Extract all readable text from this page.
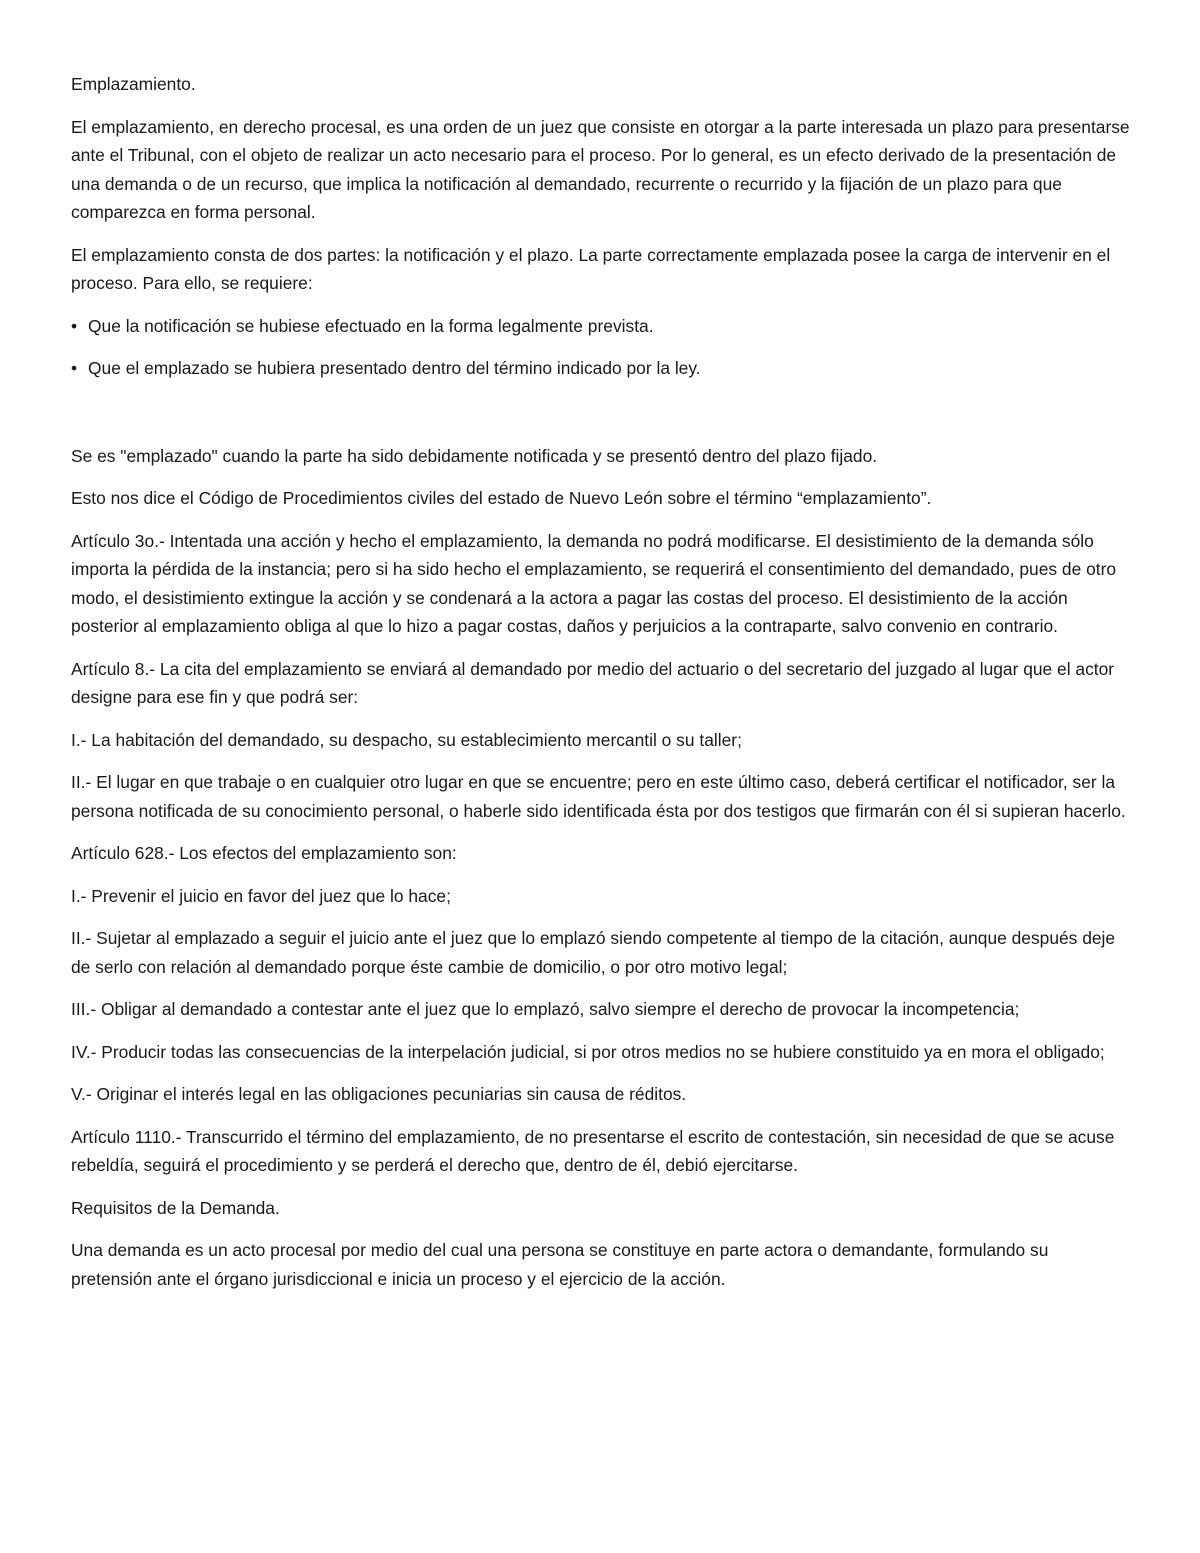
Emplazamiento.

El emplazamiento, en derecho procesal, es una orden de un juez que consiste en otorgar a la parte interesada un plazo para presentarse ante el Tribunal, con el objeto de realizar un acto necesario para el proceso. Por lo general, es un efecto derivado de la presentación de una demanda o de un recurso, que implica la notificación al demandado, recurrente o recurrido y la fijación de un plazo para que comparezca en forma personal.

El emplazamiento consta de dos partes: la notificación y el plazo. La parte correctamente emplazada posee la carga de intervenir en el proceso. Para ello, se requiere:

• Que la notificación se hubiese efectuado en la forma legalmente prevista.

• Que el emplazado se hubiera presentado dentro del término indicado por la ley.

Se es "emplazado" cuando la parte ha sido debidamente notificada y se presentó dentro del plazo fijado.

Esto nos dice el Código de Procedimientos civiles del estado de Nuevo León sobre el término “emplazamiento”.

Artículo 3o.- Intentada una acción y hecho el emplazamiento, la demanda no podrá modificarse. El desistimiento de la demanda sólo importa la pérdida de la instancia; pero si ha sido hecho el emplazamiento, se requerirá el consentimiento del demandado, pues de otro modo, el desistimiento extingue la acción y se condenará a la actora a pagar las costas del proceso. El desistimiento de la acción posterior al emplazamiento obliga al que lo hizo a pagar costas, daños y perjuicios a la contraparte, salvo convenio en contrario.

Artículo 8.- La cita del emplazamiento se enviará al demandado por medio del actuario o del secretario del juzgado al lugar que el actor designe para ese fin y que podrá ser:

I.- La habitación del demandado, su despacho, su establecimiento mercantil o su taller;

II.- El lugar en que trabaje o en cualquier otro lugar en que se encuentre; pero en este último caso, deberá certificar el notificador, ser la persona notificada de su conocimiento personal, o haberle sido identificada ésta por dos testigos que firmarán con él si supieran hacerlo.

Artículo 628.- Los efectos del emplazamiento son:

I.- Prevenir el juicio en favor del juez que lo hace;

II.- Sujetar al emplazado a seguir el juicio ante el juez que lo emplazó siendo competente al tiempo de la citación, aunque después deje de serlo con relación al demandado porque éste cambie de domicilio, o por otro motivo legal;

III.- Obligar al demandado a contestar ante el juez que lo emplazó, salvo siempre el derecho de provocar la incompetencia;

IV.- Producir todas las consecuencias de la interpelación judicial, si por otros medios no se hubiere constituido ya en mora el obligado;

V.- Originar el interés legal en las obligaciones pecuniarias sin causa de réditos.

Artículo 1110.- Transcurrido el término del emplazamiento, de no presentarse el escrito de contestación, sin necesidad de que se acuse rebeldía, seguirá el procedimiento y se perderá el derecho que, dentro de él, debió ejercitarse.

Requisitos de la Demanda.

Una demanda es un acto procesal por medio del cual una persona se constituye en parte actora o demandante, formulando su pretensión ante el órgano jurisdiccional e inicia un proceso y el ejercicio de la acción.
